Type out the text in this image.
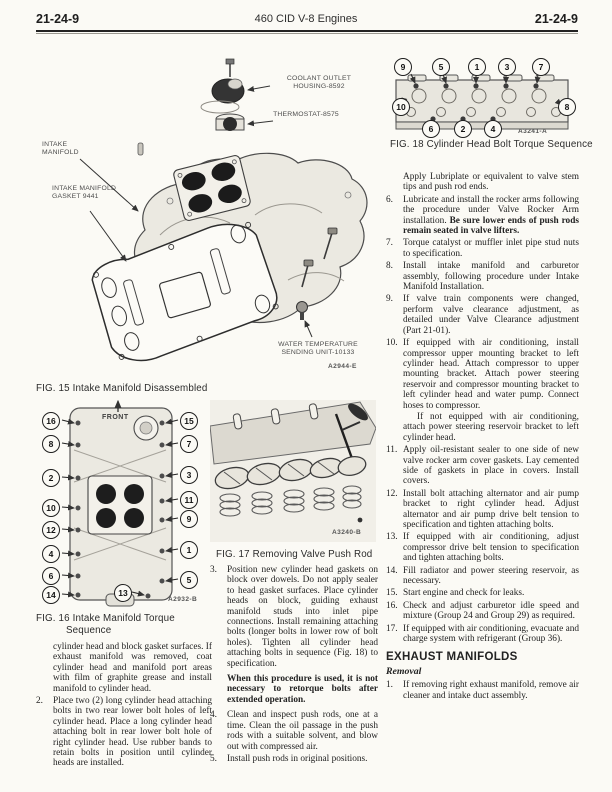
21-24-9	460 CID V-8 Engines	21-24-9
COOLANT OUTLET HOUSING-8592
THERMOSTAT-8575
INTAKE MANIFOLD
INTAKE MANIFOLD GASKET 9441
WATER TEMPERATURE SENDING UNIT-10133
A2944-E
FIG. 15 Intake Manifold Disassembled
FRONT
16
8
2
10
12
4
6
14
15
7
3
11
9
1
5
13
A2932-B
FIG. 16 Intake Manifold Torque Sequence
cylinder head and block gasket surfaces. If exhaust manifold was removed, coat cylinder head and manifold port areas with film of graphite grease and install manifold to cylinder head.
2. Place two (2) long cylinder head attaching bolts in two rear lower bolt holes of left cylinder head. Place a long cylinder head attaching bolt in rear lower bolt hole of right cylinder head. Use rubber bands to retain bolts in position until cylinder heads are installed.
A3240-B
FIG. 17 Removing Valve Push Rod
3. Position new cylinder head gaskets on block over dowels. Do not apply sealer to head gasket surfaces. Place cylinder heads on block, guiding exhaust manifold studs into inlet pipe connections. Install remaining attaching bolts (longer bolts in lower row of bolt holes). Tighten all cylinder head attaching bolts in sequence (Fig. 18) to specification.
When this procedure is used, it is not necessary to retorque bolts after extended operation.
4. Clean and inspect push rods, one at a time. Clean the oil passage in the push rods with a suitable solvent, and blow out with compressed air.
5. Install push rods in original positions.
9	5	1	3	7
10	8
6	2	4	A3241-A
FIG. 18 Cylinder Head Bolt Torque Sequence
Apply Lubriplate or equivalent to valve stem tips and push rod ends.
6. Lubricate and install the rocker arms following the procedure under Valve Rocker Arm installation. Be sure lower ends of push rods remain seated in valve lifters.
7. Torque catalyst or muffler inlet pipe stud nuts to specification.
8. Install intake manifold and carburetor assembly, following procedure under Intake Manifold Installation.
9. If valve train components were changed, perform valve clearance adjustment, as detailed under Valve Clearance adjustment (Part 21-01).
10. If equipped with air conditioning, install compressor upper mounting bracket to left cylinder head. Attach compressor to upper mounting bracket. Attach power steering reservoir and compressor mounting bracket to left cylinder head and water pump. Connect hoses to compressor.
If not equipped with air conditioning, attach power steering reservoir bracket to left cylinder head.
11. Apply oil-resistant sealer to one side of new valve rocker arm cover gaskets. Lay cemented side of gaskets in place in covers. Install covers.
12. Install bolt attaching alternator and air pump bracket to right cylinder head. Adjust alternator and air pump drive belt tension to specification and tighten attaching bolts.
13. If equipped with air conditioning, adjust compressor drive belt tension to specification and tighten attaching bolts.
14. Fill radiator and power steering reservoir, as necessary.
15. Start engine and check for leaks.
16. Check and adjust carburetor idle speed and mixture (Group 24 and Group 29) as required.
17. If equipped with air conditioning, evacuate and charge system with refrigerant (Group 36).
EXHAUST MANIFOLDS
Removal
1. If removing right exhaust manifold, remove air cleaner and intake duct assembly.
